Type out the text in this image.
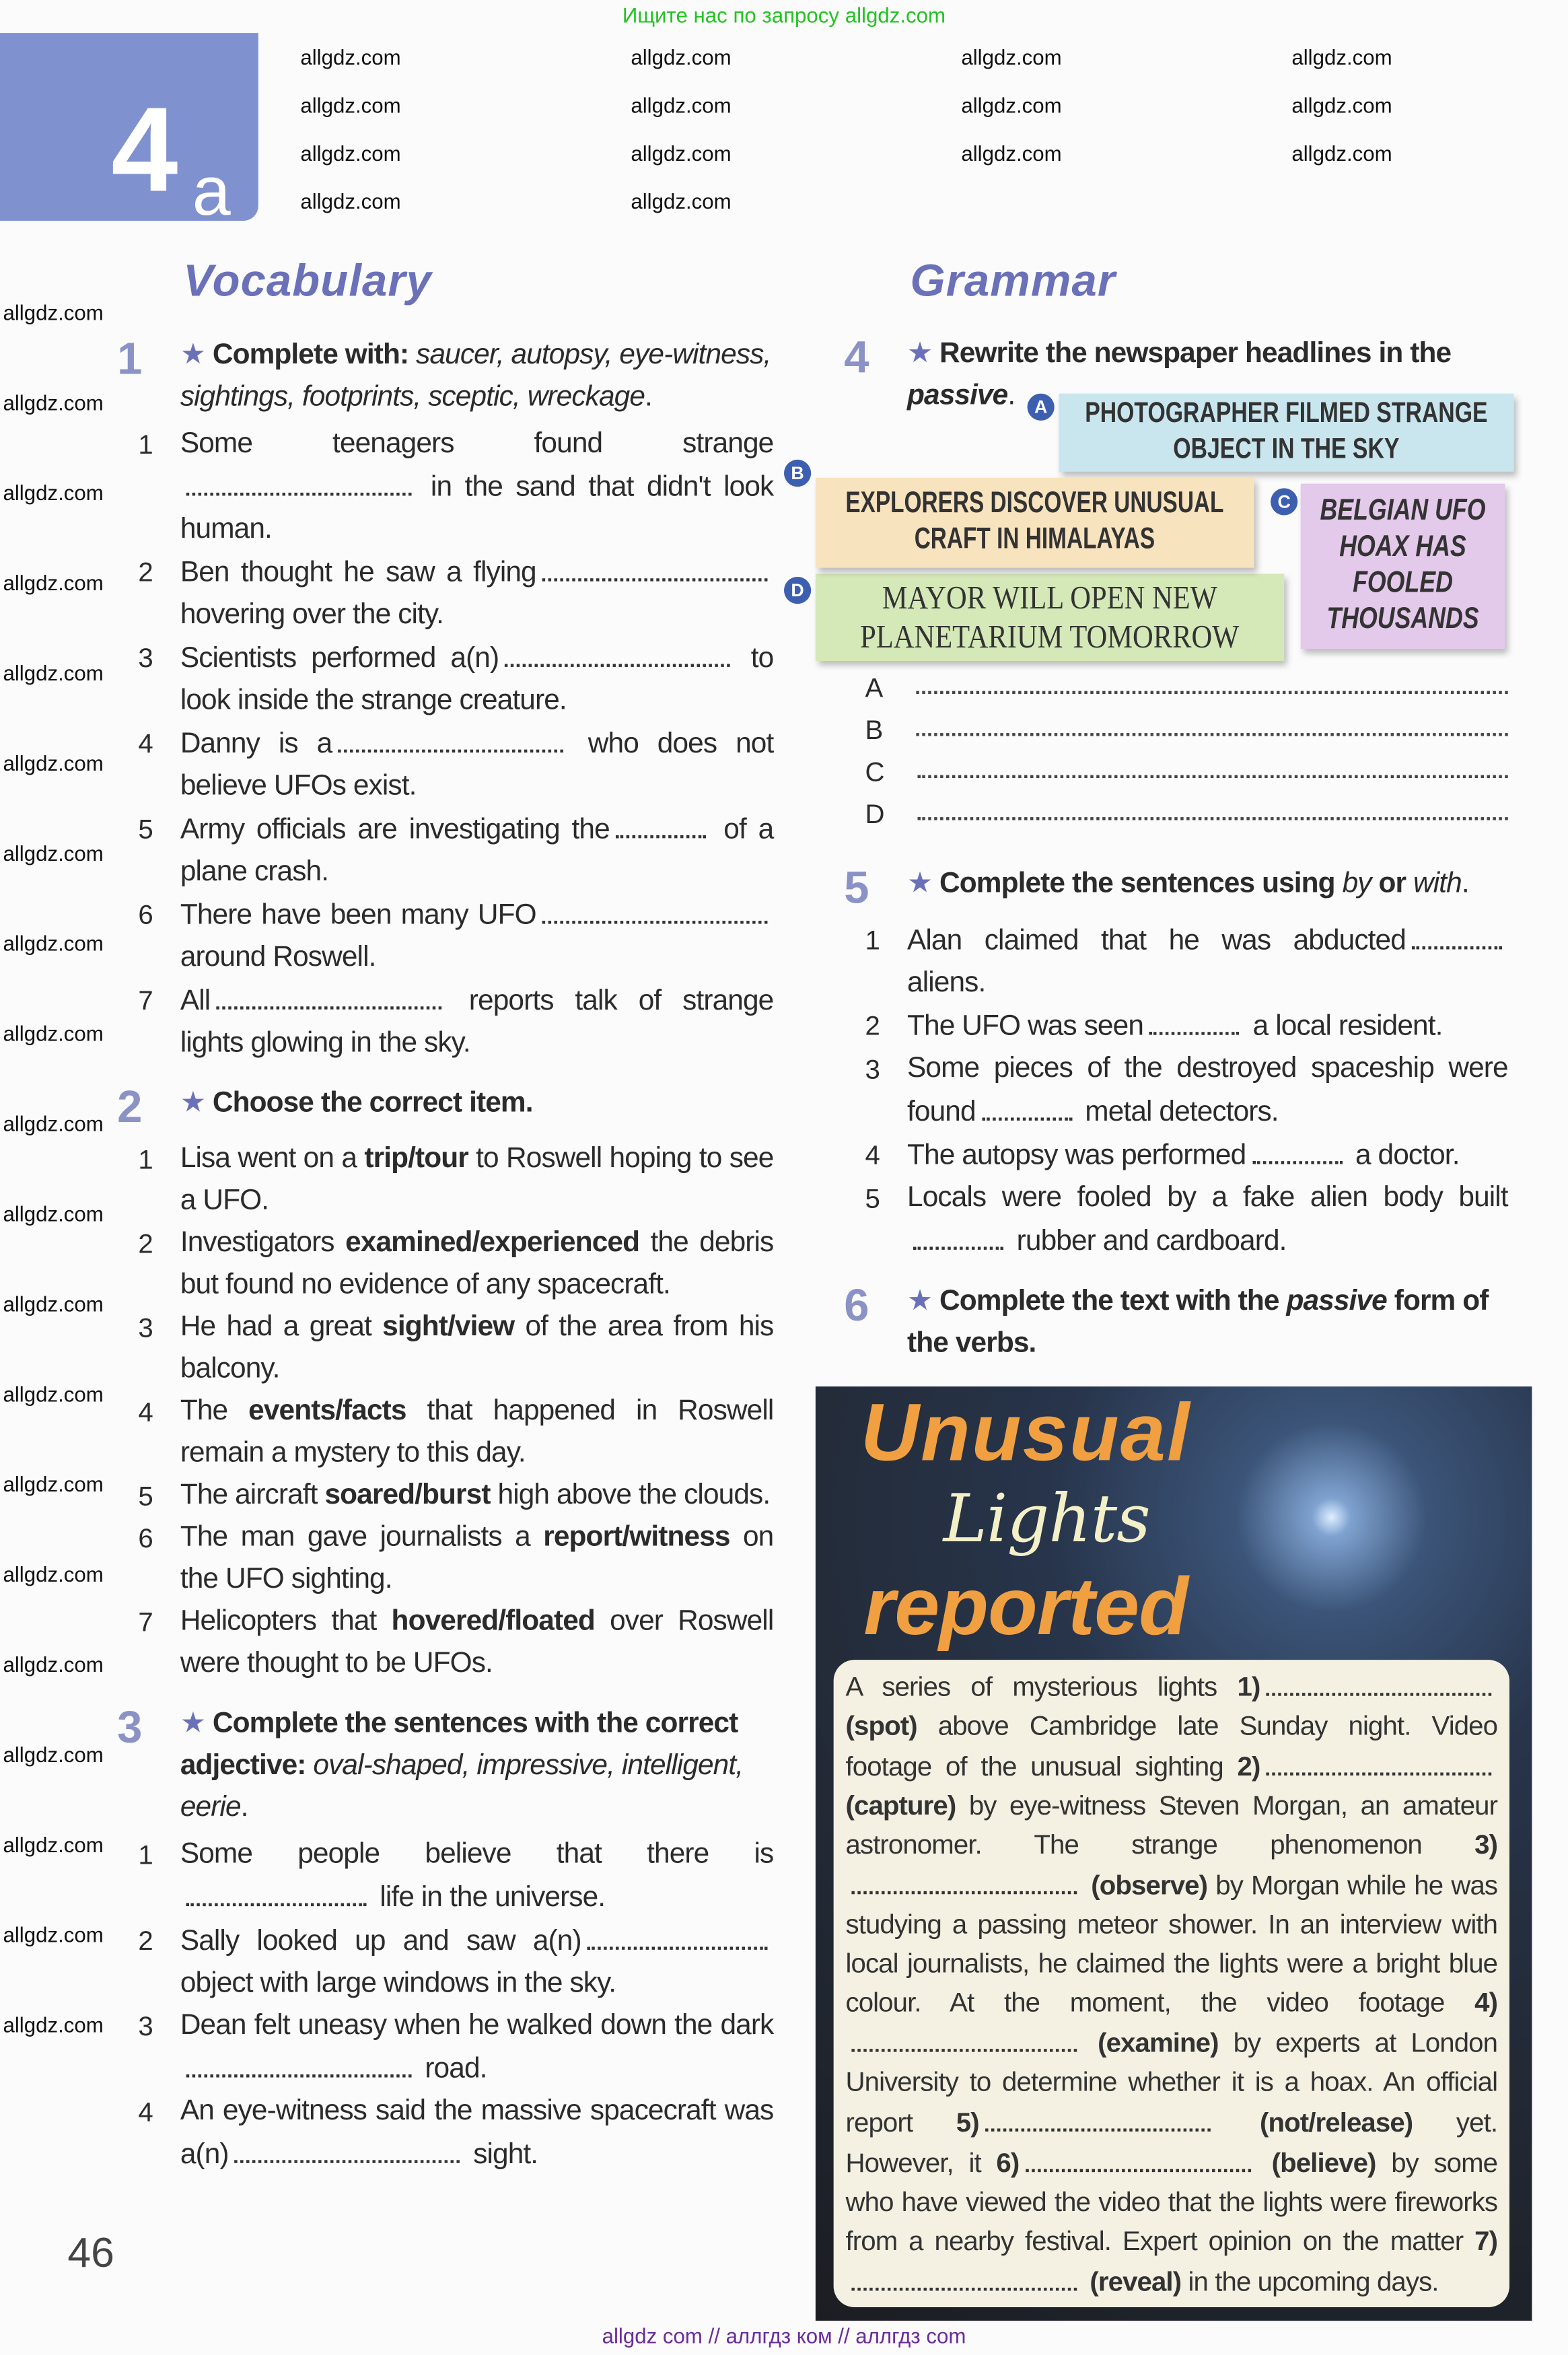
Ищите нас по запросу allgdz.com
4 a
Vocabulary	Grammar
1	★ Complete with: saucer, autopsy, eye-witness, sightings, footprints, sceptic, wreckage.
1	Some teenagers found strange in the sand that didn't look human.
2	Ben thought he saw a flying hovering over the city.
3	Scientists performed a(n)	to look inside the strange creature.
4	Danny is a	who does not believe UFOs exist.
5	Army officials are investigating the	of a plane crash.
6	There have been many UFO around Roswell.
7	All	reports talk of strange lights glowing in the sky.
2	★ Choose the correct item.
1	Lisa went on a trip/tour to Roswell hoping to see a UFO.
2	Investigators examined/experienced the debris but found no evidence of any spacecraft.
3	He had a great sight/view of the area from his balcony.
4	The events/facts that happened in Roswell remain a mystery to this day.
5	The aircraft soared/burst high above the clouds.
6	The man gave journalists a report/witness on the UFO sighting.
7	Helicopters that hovered/floated over Roswell were thought to be UFOs.
3	★ Complete the sentences with the correct adjective: oval-shaped, impressive, intelligent, eerie.
1	Some people believe that there is life in the universe.
2	Sally looked up and saw a(n) object with large windows in the sky.
3	Dean felt uneasy when he walked down the dark  road.
4	An eye-witness said the massive spacecraft was a(n)	sight.
4	★ Rewrite the newspaper headlines in the passive.
PHOTOGRAPHER FILMED STRANGE OBJECT IN THE SKY
A
EXPLORERS DISCOVER UNUSUAL CRAFT IN HIMALAYAS
B
BELGIAN UFO HOAX HAS FOOLED THOUSANDS
C
MAYOR WILL OPEN NEW PLANETARIUM TOMORROW
D
A
B
C
D
5	★ Complete the sentences using by or with.
1	Alan claimed that he was abducted aliens.
2	The UFO was seen	a local resident.
3	Some pieces of the destroyed spaceship were found	metal detectors.
4	The autopsy was performed	a doctor.
5	Locals were fooled by a fake alien body built  rubber and cardboard.
6	★ Complete the text with the passive form of the verbs.
Unusual
Lights
reported
A series of mysterious lights 1) (spot) above Cambridge late Sunday night. Video footage of the unusual sighting 2) (capture) by eye-witness Steven Morgan, an amateur astronomer. The strange phenomenon 3) (observe) by Morgan while he was studying a passing meteor shower. In an interview with local journalists, he claimed the lights were a bright blue colour. At the moment, the video footage 4) (examine) by experts at London University to determine whether it is a hoax. An official report 5)	(not/release) yet. However, it 6)	(believe) by some who have viewed the video that the lights were fireworks from a nearby festival. Expert opinion on the matter 7) (reveal) in the upcoming days.
46
allgdz com // аллгдз ком // аллгдз com
allgdz.com
allgdz.com
allgdz.com
allgdz.com
allgdz.com
allgdz.com
allgdz.com
allgdz.com
allgdz.com
allgdz.com
allgdz.com
allgdz.com
allgdz.com
allgdz.com
allgdz.com
allgdz.com
allgdz.com
allgdz.com
allgdz.com
allgdz.com
allgdz.com	allgdz.com	allgdz.com	allgdz.com
allgdz.com	allgdz.com	allgdz.com	allgdz.com
allgdz.com	allgdz.com	allgdz.com	allgdz.com
allgdz.com	allgdz.com
